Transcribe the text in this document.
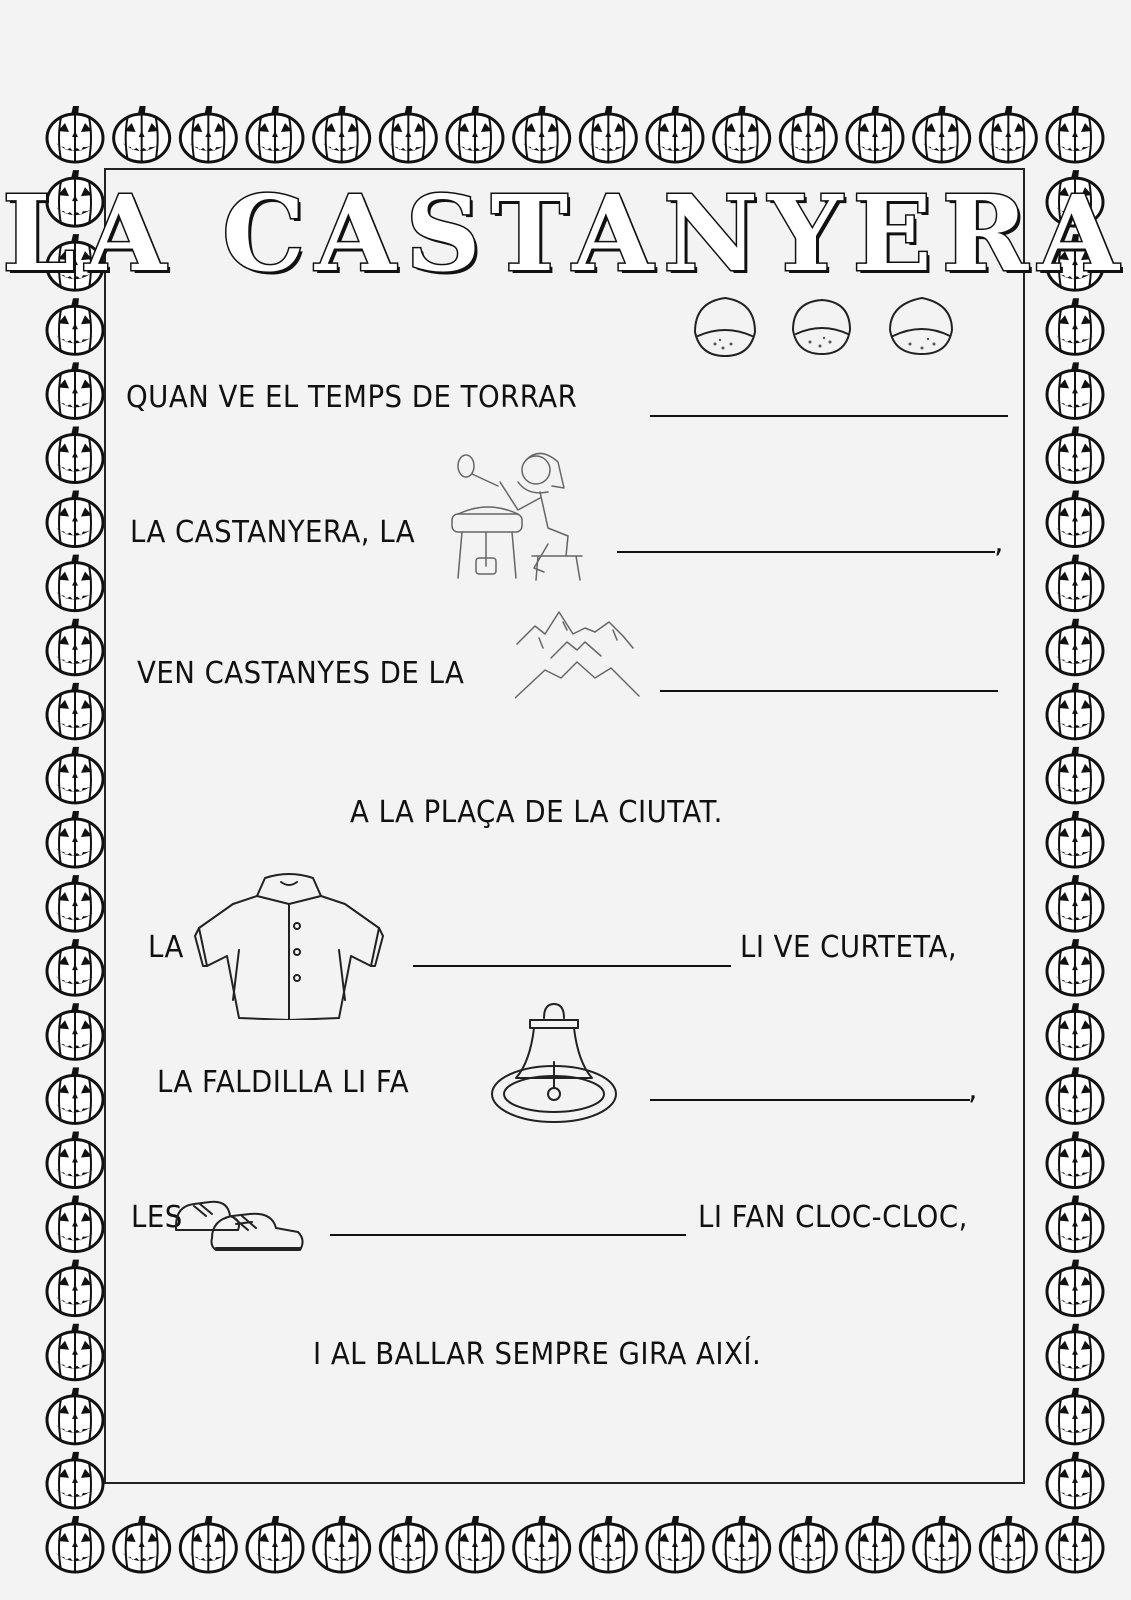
LA CASTANYERA
QUAN VE EL TEMPS DE TORRAR
LA CASTANYERA, LA	,
VEN CASTANYES DE LA
A LA PLAÇA DE LA CIUTAT.
LA	LI VE CURTETA,
LA FALDILLA LI FA	,
LES	LI FAN CLOC-CLOC,
I AL BALLAR SEMPRE GIRA AIXÍ.
